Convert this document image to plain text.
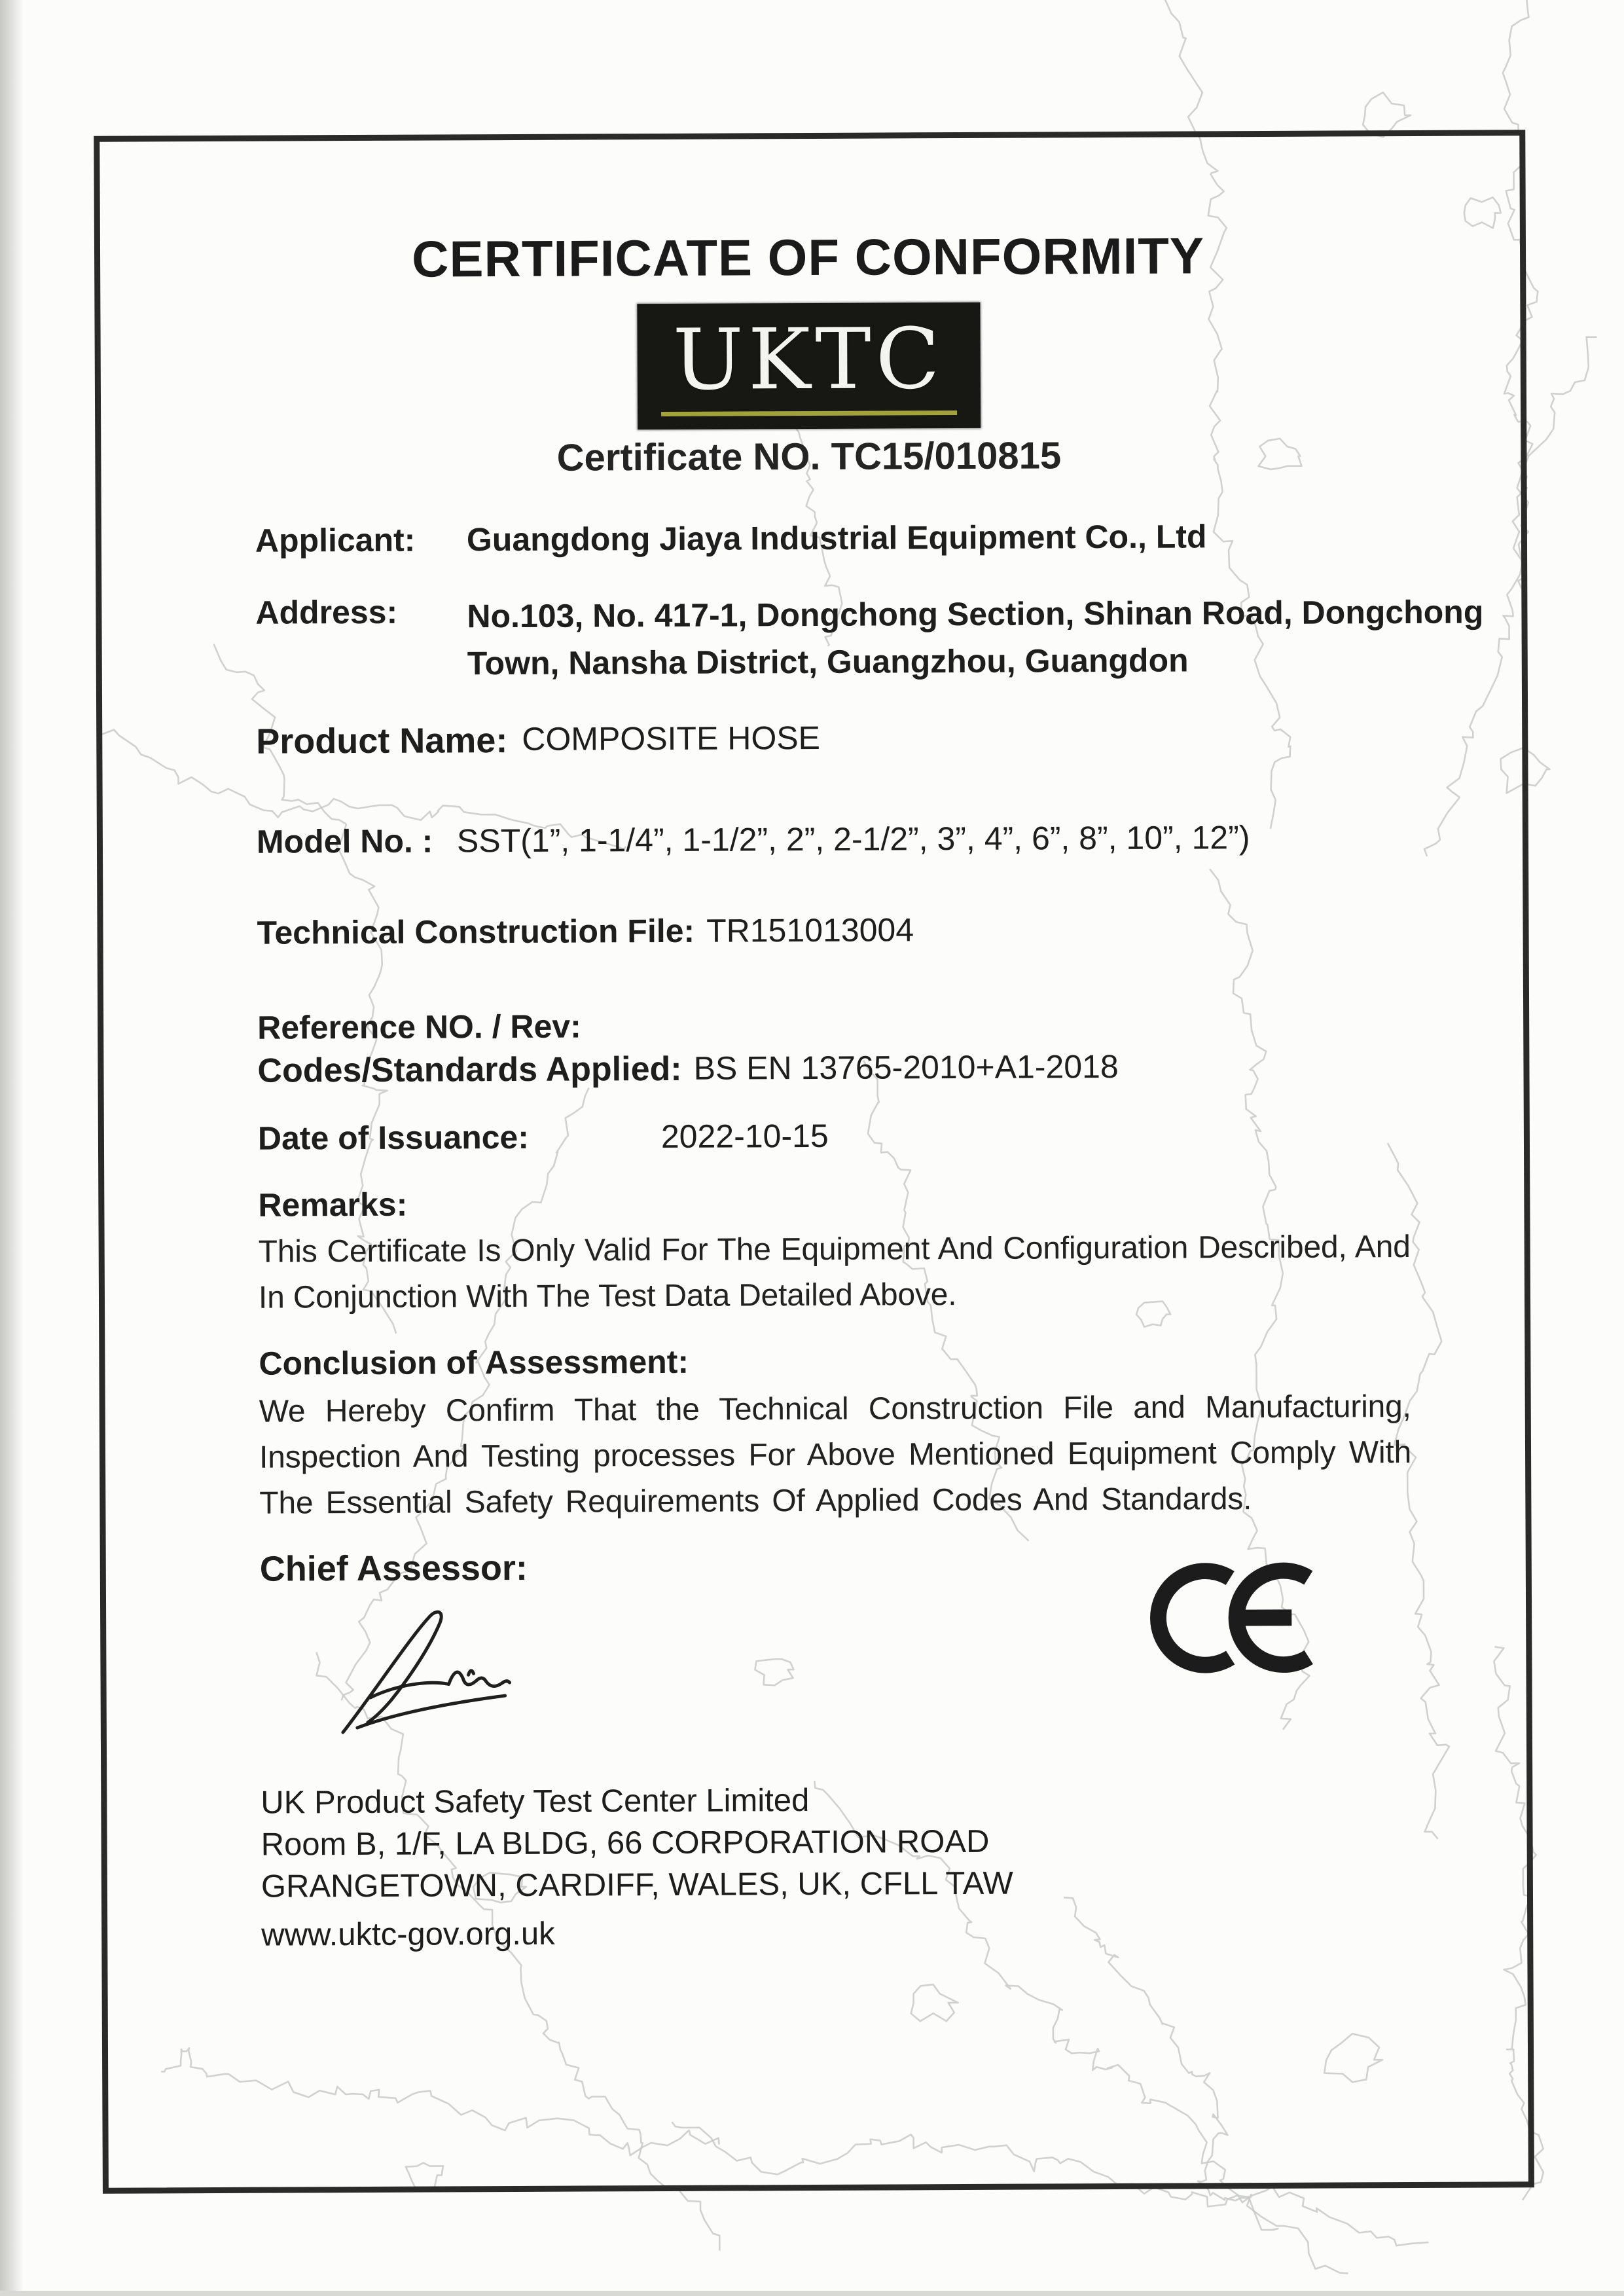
CERTIFICATE OF CONFORMITY
UKTC
Certificate NO. TC15/010815
Applicant:	Guangdong Jiaya Industrial Equipment Co., Ltd
Address:	No.103, No. 417-1, Dongchong Section, Shinan Road, Dongchong
Town, Nansha District, Guangzhou, Guangdon
Product Name: COMPOSITE HOSE
Model No. : SST(1”, 1-1/4”, 1-1/2”, 2”, 2-1/2”, 3”, 4”, 6”, 8”, 10”, 12”)
Technical Construction File: TR151013004
Reference NO. / Rev:
Codes/Standards Applied: BS EN 13765-2010+A1-2018
Date of Issuance:	2022-10-15
Remarks:
This Certificate Is Only Valid For The Equipment And Configuration Described, And In Conjunction With The Test Data Detailed Above.
Conclusion of Assessment:
We Hereby Confirm That the Technical Construction File and Manufacturing, Inspection And Testing processes For Above Mentioned Equipment Comply With The Essential Safety Requirements Of Applied Codes And Standards.
Chief Assessor:
UK Product Safety Test Center Limited
Room B, 1/F, LA BLDG, 66 CORPORATION ROAD
GRANGETOWN, CARDIFF, WALES, UK, CFLL TAW
www.uktc-gov.org.uk
